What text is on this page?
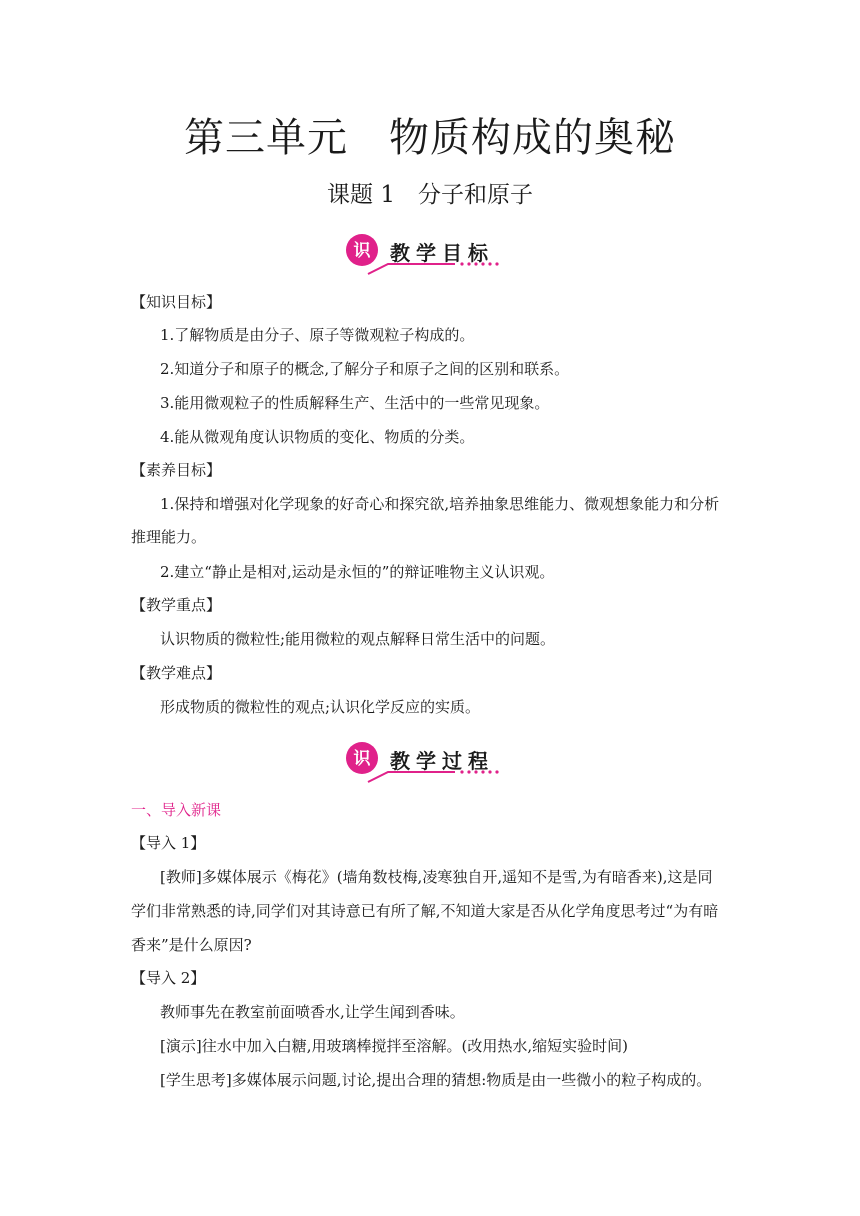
第三单元　物质构成的奥秘
课题 1　分子和原子
识 教学目标
【知识目标】
1.了解物质是由分子、原子等微观粒子构成的。
2.知道分子和原子的概念,了解分子和原子之间的区别和联系。
3.能用微观粒子的性质解释生产、生活中的一些常见现象。
4.能从微观角度认识物质的变化、物质的分类。
【素养目标】
1.保持和增强对化学现象的好奇心和探究欲,培养抽象思维能力、微观想象能力和分析
推理能力。
2.建立“静止是相对,运动是永恒的”的辩证唯物主义认识观。
【教学重点】
认识物质的微粒性;能用微粒的观点解释日常生活中的问题。
【教学难点】
形成物质的微粒性的观点;认识化学反应的实质。
识 教学过程
一、导入新课
【导入 1】
[教师]多媒体展示《梅花》(墙角数枝梅,凌寒独自开,遥知不是雪,为有暗香来),这是同
学们非常熟悉的诗,同学们对其诗意已有所了解,不知道大家是否从化学角度思考过“为有暗
香来”是什么原因?
【导入 2】
教师事先在教室前面喷香水,让学生闻到香味。
[演示]往水中加入白糖,用玻璃棒搅拌至溶解。(改用热水,缩短实验时间)
[学生思考]多媒体展示问题,讨论,提出合理的猜想:物质是由一些微小的粒子构成的。
